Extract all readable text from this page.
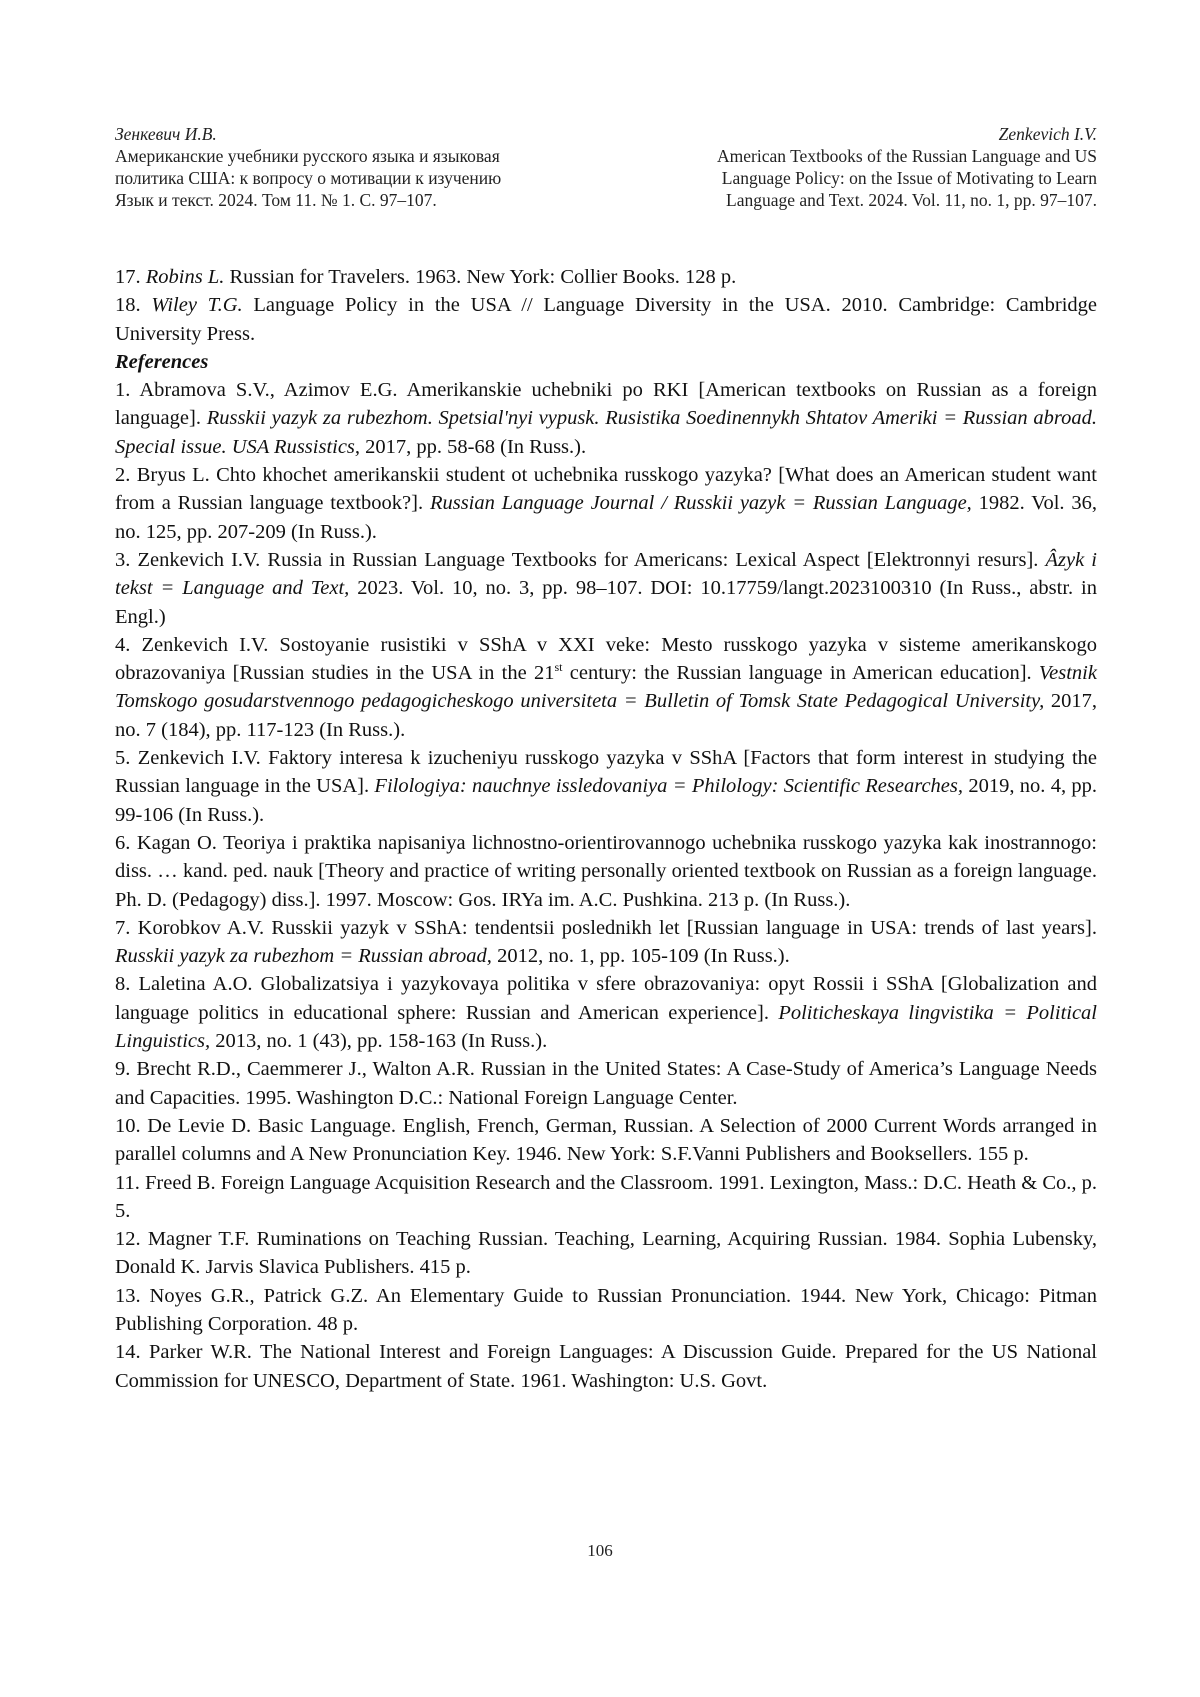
Зенкевич И.В.
Американские учебники русского языка и языковая
политика США: к вопросу о мотивации к изучению
Язык и текст. 2024. Том 11. № 1. С. 97–107.
Zenkevich I.V.
American Textbooks of the Russian Language and US
Language Policy: on the Issue of Motivating to Learn
Language and Text. 2024. Vol. 11, no. 1, pp. 97–107.

17. Robins L. Russian for Travelers. 1963. New York: Collier Books. 128 p.

18. Wiley T.G. Language Policy in the USA // Language Diversity in the USA. 2010. Cambridge: Cambridge University Press.

References

1. Abramova S.V., Azimov E.G. Amerikanskie uchebniki po RKI [American textbooks on Russian as a foreign language]. Russkii yazyk za rubezhom. Spetsial'nyi vypusk. Rusistika Soedinennykh Shtatov Ameriki = Russian abroad. Special issue. USA Russistics, 2017, pp. 58-68 (In Russ.).

2. Bryus L. Chto khochet amerikanskii student ot uchebnika russkogo yazyka? [What does an American student want from a Russian language textbook?]. Russian Language Journal / Russkii yazyk = Russian Language, 1982. Vol. 36, no. 125, pp. 207-209 (In Russ.).

3. Zenkevich I.V. Russia in Russian Language Textbooks for Americans: Lexical Aspect [Elektronnyi resurs]. Âzyk i tekst = Language and Text, 2023. Vol. 10, no. 3, pp. 98–107. DOI: 10.17759/langt.2023100310 (In Russ., abstr. in Engl.)

4. Zenkevich I.V. Sostoyanie rusistiki v SShA v XXI veke: Mesto russkogo yazyka v sisteme amerikanskogo obrazovaniya [Russian studies in the USA in the 21st century: the Russian language in American education]. Vestnik Tomskogo gosudarstvennogo pedagogicheskogo universiteta = Bulletin of Tomsk State Pedagogical University, 2017, no. 7 (184), pp. 117-123 (In Russ.).

5. Zenkevich I.V. Faktory interesa k izucheniyu russkogo yazyka v SShA [Factors that form interest in studying the Russian language in the USA]. Filologiya: nauchnye issledovaniya = Philology: Scientific Researches, 2019, no. 4, pp. 99-106 (In Russ.).

6. Kagan O. Teoriya i praktika napisaniya lichnostno-orientirovannogo uchebnika russkogo yazyka kak inostrannogo: diss. … kand. ped. nauk [Theory and practice of writing personally oriented textbook on Russian as a foreign language. Ph. D. (Pedagogy) diss.]. 1997. Moscow: Gos. IRYa im. A.C. Pushkina. 213 p. (In Russ.).

7. Korobkov A.V. Russkii yazyk v SShA: tendentsii poslednikh let [Russian language in USA: trends of last years]. Russkii yazyk za rubezhom = Russian abroad, 2012, no. 1, pp. 105-109 (In Russ.).

8. Laletina A.O. Globalizatsiya i yazykovaya politika v sfere obrazovaniya: opyt Rossii i SShA [Globalization and language politics in educational sphere: Russian and American experience]. Politicheskaya lingvistika = Political Linguistics, 2013, no. 1 (43), pp. 158-163 (In Russ.).

9. Brecht R.D., Caemmerer J., Walton A.R. Russian in the United States: A Case-Study of America’s Language Needs and Capacities. 1995. Washington D.C.: National Foreign Language Center.

10. De Levie D. Basic Language. English, French, German, Russian. A Selection of 2000 Current Words arranged in parallel columns and A New Pronunciation Key. 1946. New York: S.F.Vanni Publishers and Booksellers. 155 p.

11. Freed B. Foreign Language Acquisition Research and the Classroom. 1991. Lexington, Mass.: D.C. Heath & Co., p. 5.

12. Magner T.F. Ruminations on Teaching Russian. Teaching, Learning, Acquiring Russian. 1984. Sophia Lubensky, Donald K. Jarvis Slavica Publishers. 415 p.

13. Noyes G.R., Patrick G.Z. An Elementary Guide to Russian Pronunciation. 1944. New York, Chicago: Pitman Publishing Corporation. 48 p.

14. Parker W.R. The National Interest and Foreign Languages: A Discussion Guide. Prepared for the US National Commission for UNESCO, Department of State. 1961. Washington: U.S. Govt.

106
